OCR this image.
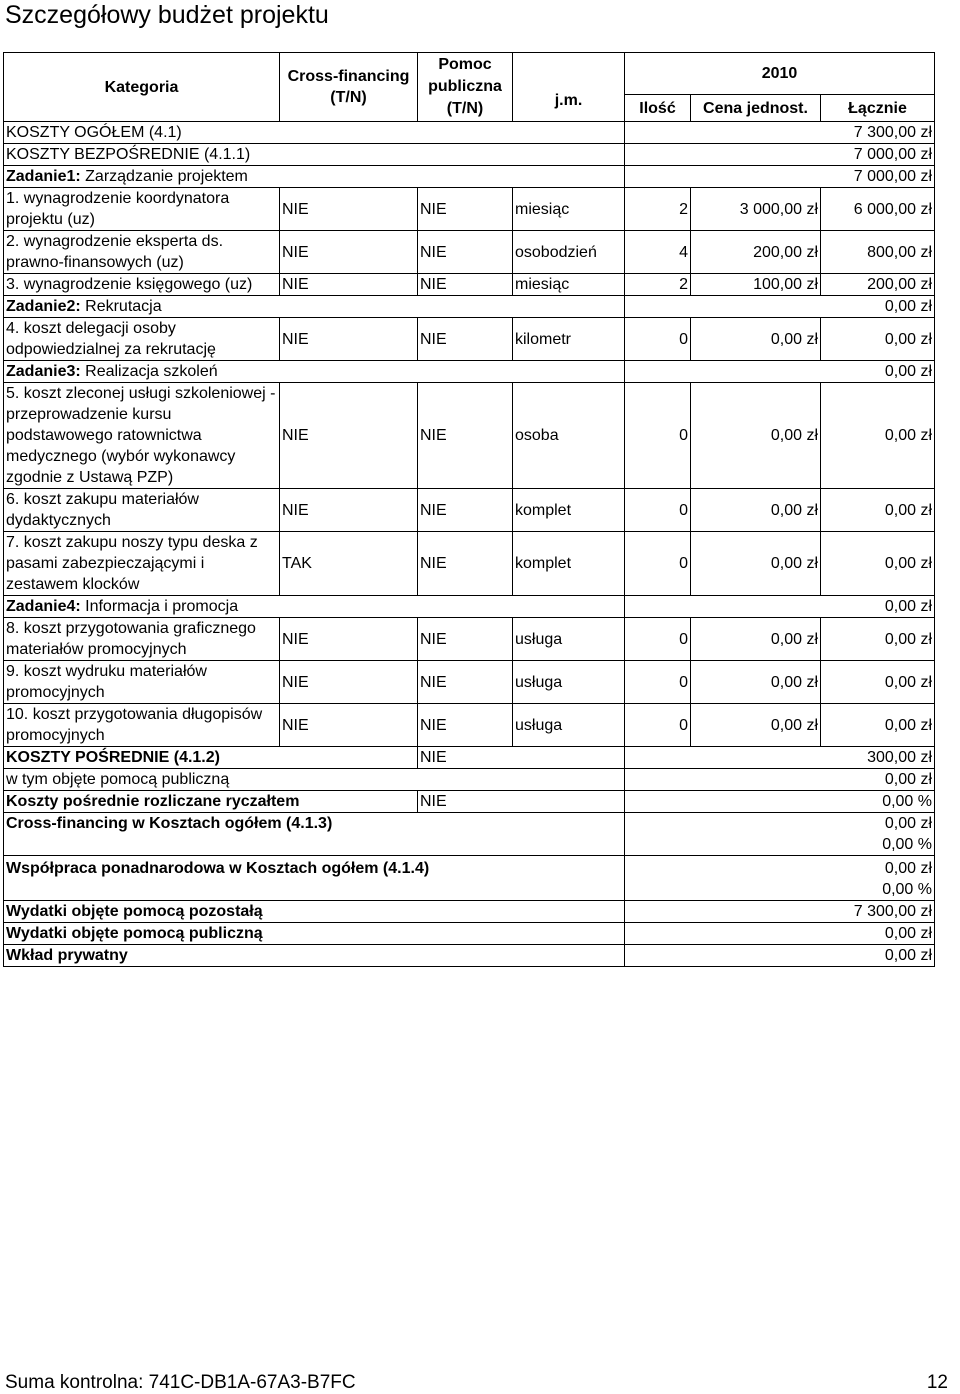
Szczegółowy budżet projektu
Kategoria	Cross-financing (T/N)	Pomoc publiczna (T/N)	j.m.	2010		
				Ilość	Cena jednost.	Łącznie
KOSZTY OGÓŁEM (4.1)				7 300,00 zł		
KOSZTY BEZPOŚREDNIE (4.1.1)				7 000,00 zł		
Zadanie1: Zarządzanie projektem				7 000,00 zł		
1. wynagrodzenie koordynatora projektu (uz)	NIE	NIE	miesiąc	2	3 000,00 zł	6 000,00 zł
2. wynagrodzenie eksperta ds. prawno-finansowych (uz)	NIE	NIE	osobodzień	4	200,00 zł	800,00 zł
3. wynagrodzenie księgowego (uz)	NIE	NIE	miesiąc	2	100,00 zł	200,00 zł
Zadanie2: Rekrutacja				0,00 zł		
4. koszt delegacji osoby odpowiedzialnej za rekrutację	NIE	NIE	kilometr	0	0,00 zł	0,00 zł
Zadanie3: Realizacja szkoleń				0,00 zł		
5. koszt zleconej usługi szkoleniowej - przeprowadzenie kursu podstawowego ratownictwa medycznego (wybór wykonawcy zgodnie z Ustawą PZP)	NIE	NIE	osoba	0	0,00 zł	0,00 zł
6. koszt zakupu materiałów dydaktycznych	NIE	NIE	komplet	0	0,00 zł	0,00 zł
7. koszt zakupu noszy typu deska z pasami zabezpieczającymi i zestawem klocków	TAK	NIE	komplet	0	0,00 zł	0,00 zł
Zadanie4: Informacja i promocja				0,00 zł		
8. koszt przygotowania graficznego materiałów promocyjnych	NIE	NIE	usługa	0	0,00 zł	0,00 zł
9. koszt wydruku materiałów promocyjnych	NIE	NIE	usługa	0	0,00 zł	0,00 zł
10. koszt przygotowania długopisów promocyjnych	NIE	NIE	usługa	0	0,00 zł	0,00 zł
KOSZTY POŚREDNIE (4.1.2)		NIE		300,00 zł		
w tym objęte pomocą publiczną				0,00 zł		
Koszty pośrednie rozliczane ryczałtem		NIE		0,00 %		
Cross-financing w Kosztach ogółem (4.1.3)				0,00 zł
0,00 %		

Współpraca ponadnarodowa w Kosztach ogółem (4.1.4)				0,00 zł
0,00 %		

Wydatki objęte pomocą pozostałą				7 300,00 zł		
Wydatki objęte pomocą publiczną				0,00 zł		
Wkład prywatny				0,00 zł		
Suma kontrolna: 741C-DB1A-67A3-B7FC	12
